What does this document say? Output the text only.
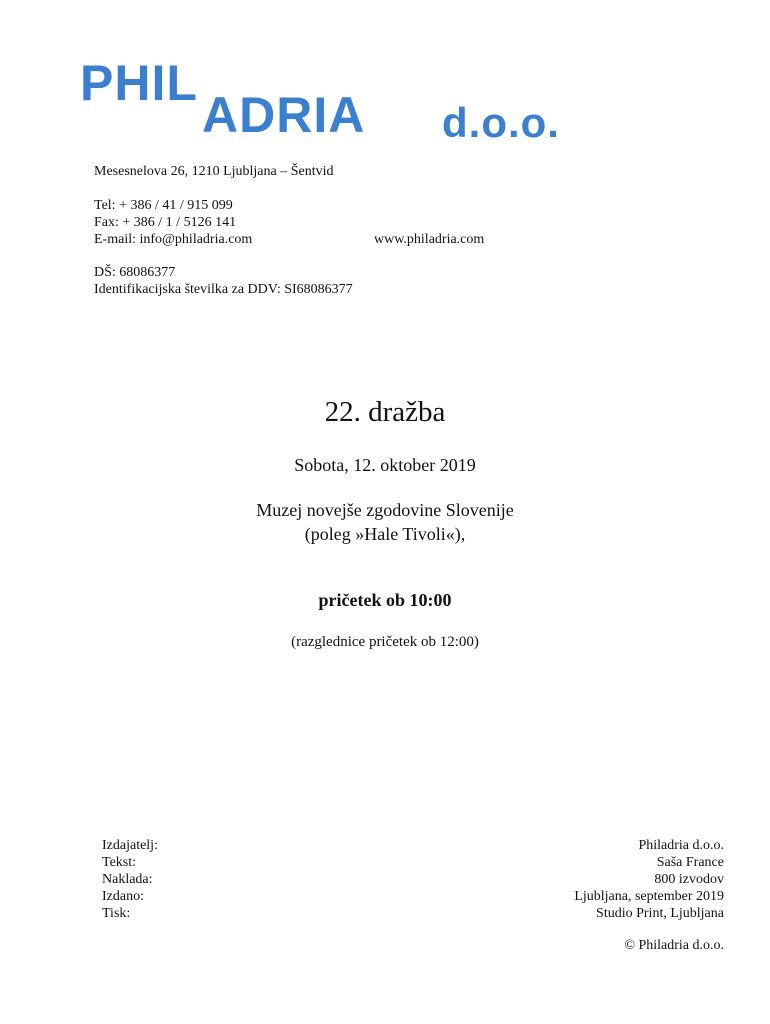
PHIL
ADRIA d.o.o.
Mesesnelova 26, 1210 Ljubljana – Šentvid
Tel: + 386 / 41 / 915 099
Fax: + 386 / 1 / 5126 141
E-mail: info@philadria.com	www.philadria.com
DŠ: 68086377
Identifikacijska številka za DDV: SI68086377
22. dražba
Sobota, 12. oktober 2019
Muzej novejše zgodovine Slovenije
(poleg »Hale Tivoli«),
pričetek ob 10:00
(razglednice pričetek ob 12:00)
Izdajatelj:
Tekst:
Naklada:
Izdano:
Tisk:
Philadria d.o.o.
Saša France
800 izvodov
Ljubljana, september 2019
Studio Print, Ljubljana
© Philadria d.o.o.
